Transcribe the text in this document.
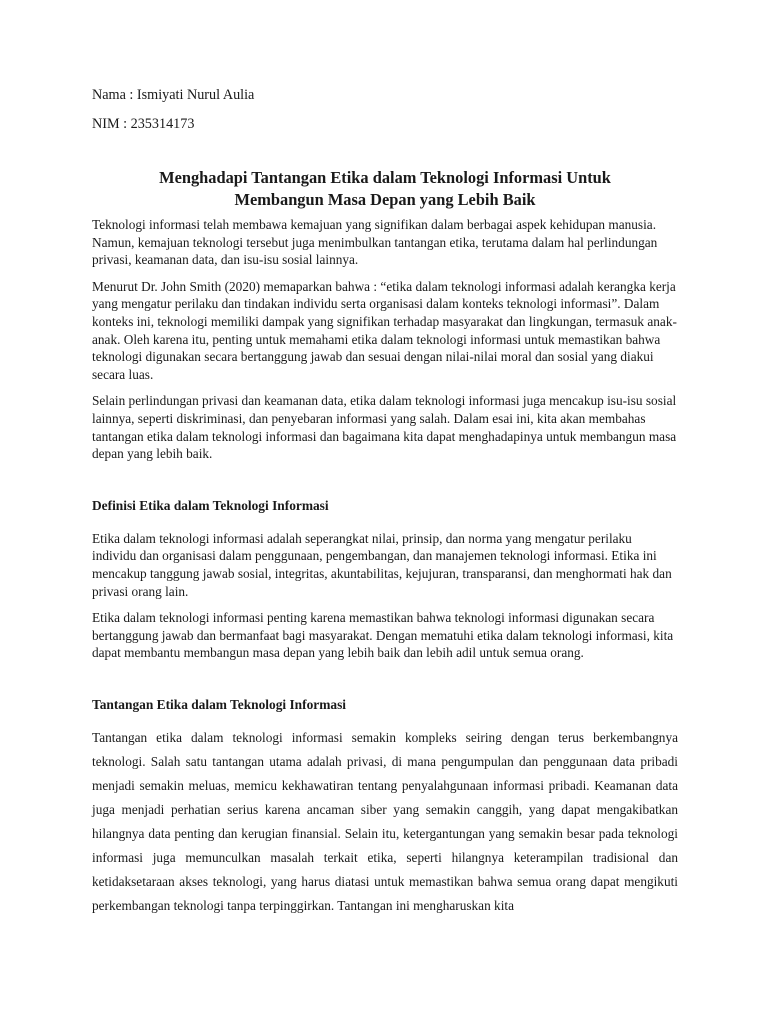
Nama : Ismiyati Nurul Aulia

NIM : 235314173

Menghadapi Tantangan Etika dalam Teknologi Informasi Untuk
Membangun Masa Depan yang Lebih Baik

Teknologi informasi telah membawa kemajuan yang signifikan dalam berbagai aspek kehidupan manusia. Namun, kemajuan teknologi tersebut juga menimbulkan tantangan etika, terutama dalam hal perlindungan privasi, keamanan data, dan isu-isu sosial lainnya.

Menurut Dr. John Smith (2020) memaparkan bahwa : “etika dalam teknologi informasi adalah kerangka kerja yang mengatur perilaku dan tindakan individu serta organisasi dalam konteks teknologi informasi”. Dalam konteks ini, teknologi memiliki dampak yang signifikan terhadap masyarakat dan lingkungan, termasuk anak-anak. Oleh karena itu, penting untuk memahami etika dalam teknologi informasi untuk memastikan bahwa teknologi digunakan secara bertanggung jawab dan sesuai dengan nilai-nilai moral dan sosial yang diakui secara luas.

Selain perlindungan privasi dan keamanan data, etika dalam teknologi informasi juga mencakup isu-isu sosial lainnya, seperti diskriminasi, dan penyebaran informasi yang salah. Dalam esai ini, kita akan membahas tantangan etika dalam teknologi informasi dan bagaimana kita dapat menghadapinya untuk membangun masa depan yang lebih baik.

Definisi Etika dalam Teknologi Informasi

Etika dalam teknologi informasi adalah seperangkat nilai, prinsip, dan norma yang mengatur perilaku individu dan organisasi dalam penggunaan, pengembangan, dan manajemen teknologi informasi. Etika ini mencakup tanggung jawab sosial, integritas, akuntabilitas, kejujuran, transparansi, dan menghormati hak dan privasi orang lain.

Etika dalam teknologi informasi penting karena memastikan bahwa teknologi informasi digunakan secara bertanggung jawab dan bermanfaat bagi masyarakat. Dengan mematuhi etika dalam teknologi informasi, kita dapat membantu membangun masa depan yang lebih baik dan lebih adil untuk semua orang.

Tantangan Etika dalam Teknologi Informasi

Tantangan etika dalam teknologi informasi semakin kompleks seiring dengan terus berkembangnya teknologi. Salah satu tantangan utama adalah privasi, di mana pengumpulan dan penggunaan data pribadi menjadi semakin meluas, memicu kekhawatiran tentang penyalahgunaan informasi pribadi. Keamanan data juga menjadi perhatian serius karena ancaman siber yang semakin canggih, yang dapat mengakibatkan hilangnya data penting dan kerugian finansial. Selain itu, ketergantungan yang semakin besar pada teknologi informasi juga memunculkan masalah terkait etika, seperti hilangnya keterampilan tradisional dan ketidaksetaraan akses teknologi, yang harus diatasi untuk memastikan bahwa semua orang dapat mengikuti perkembangan teknologi tanpa terpinggirkan. Tantangan ini mengharuskan kita
